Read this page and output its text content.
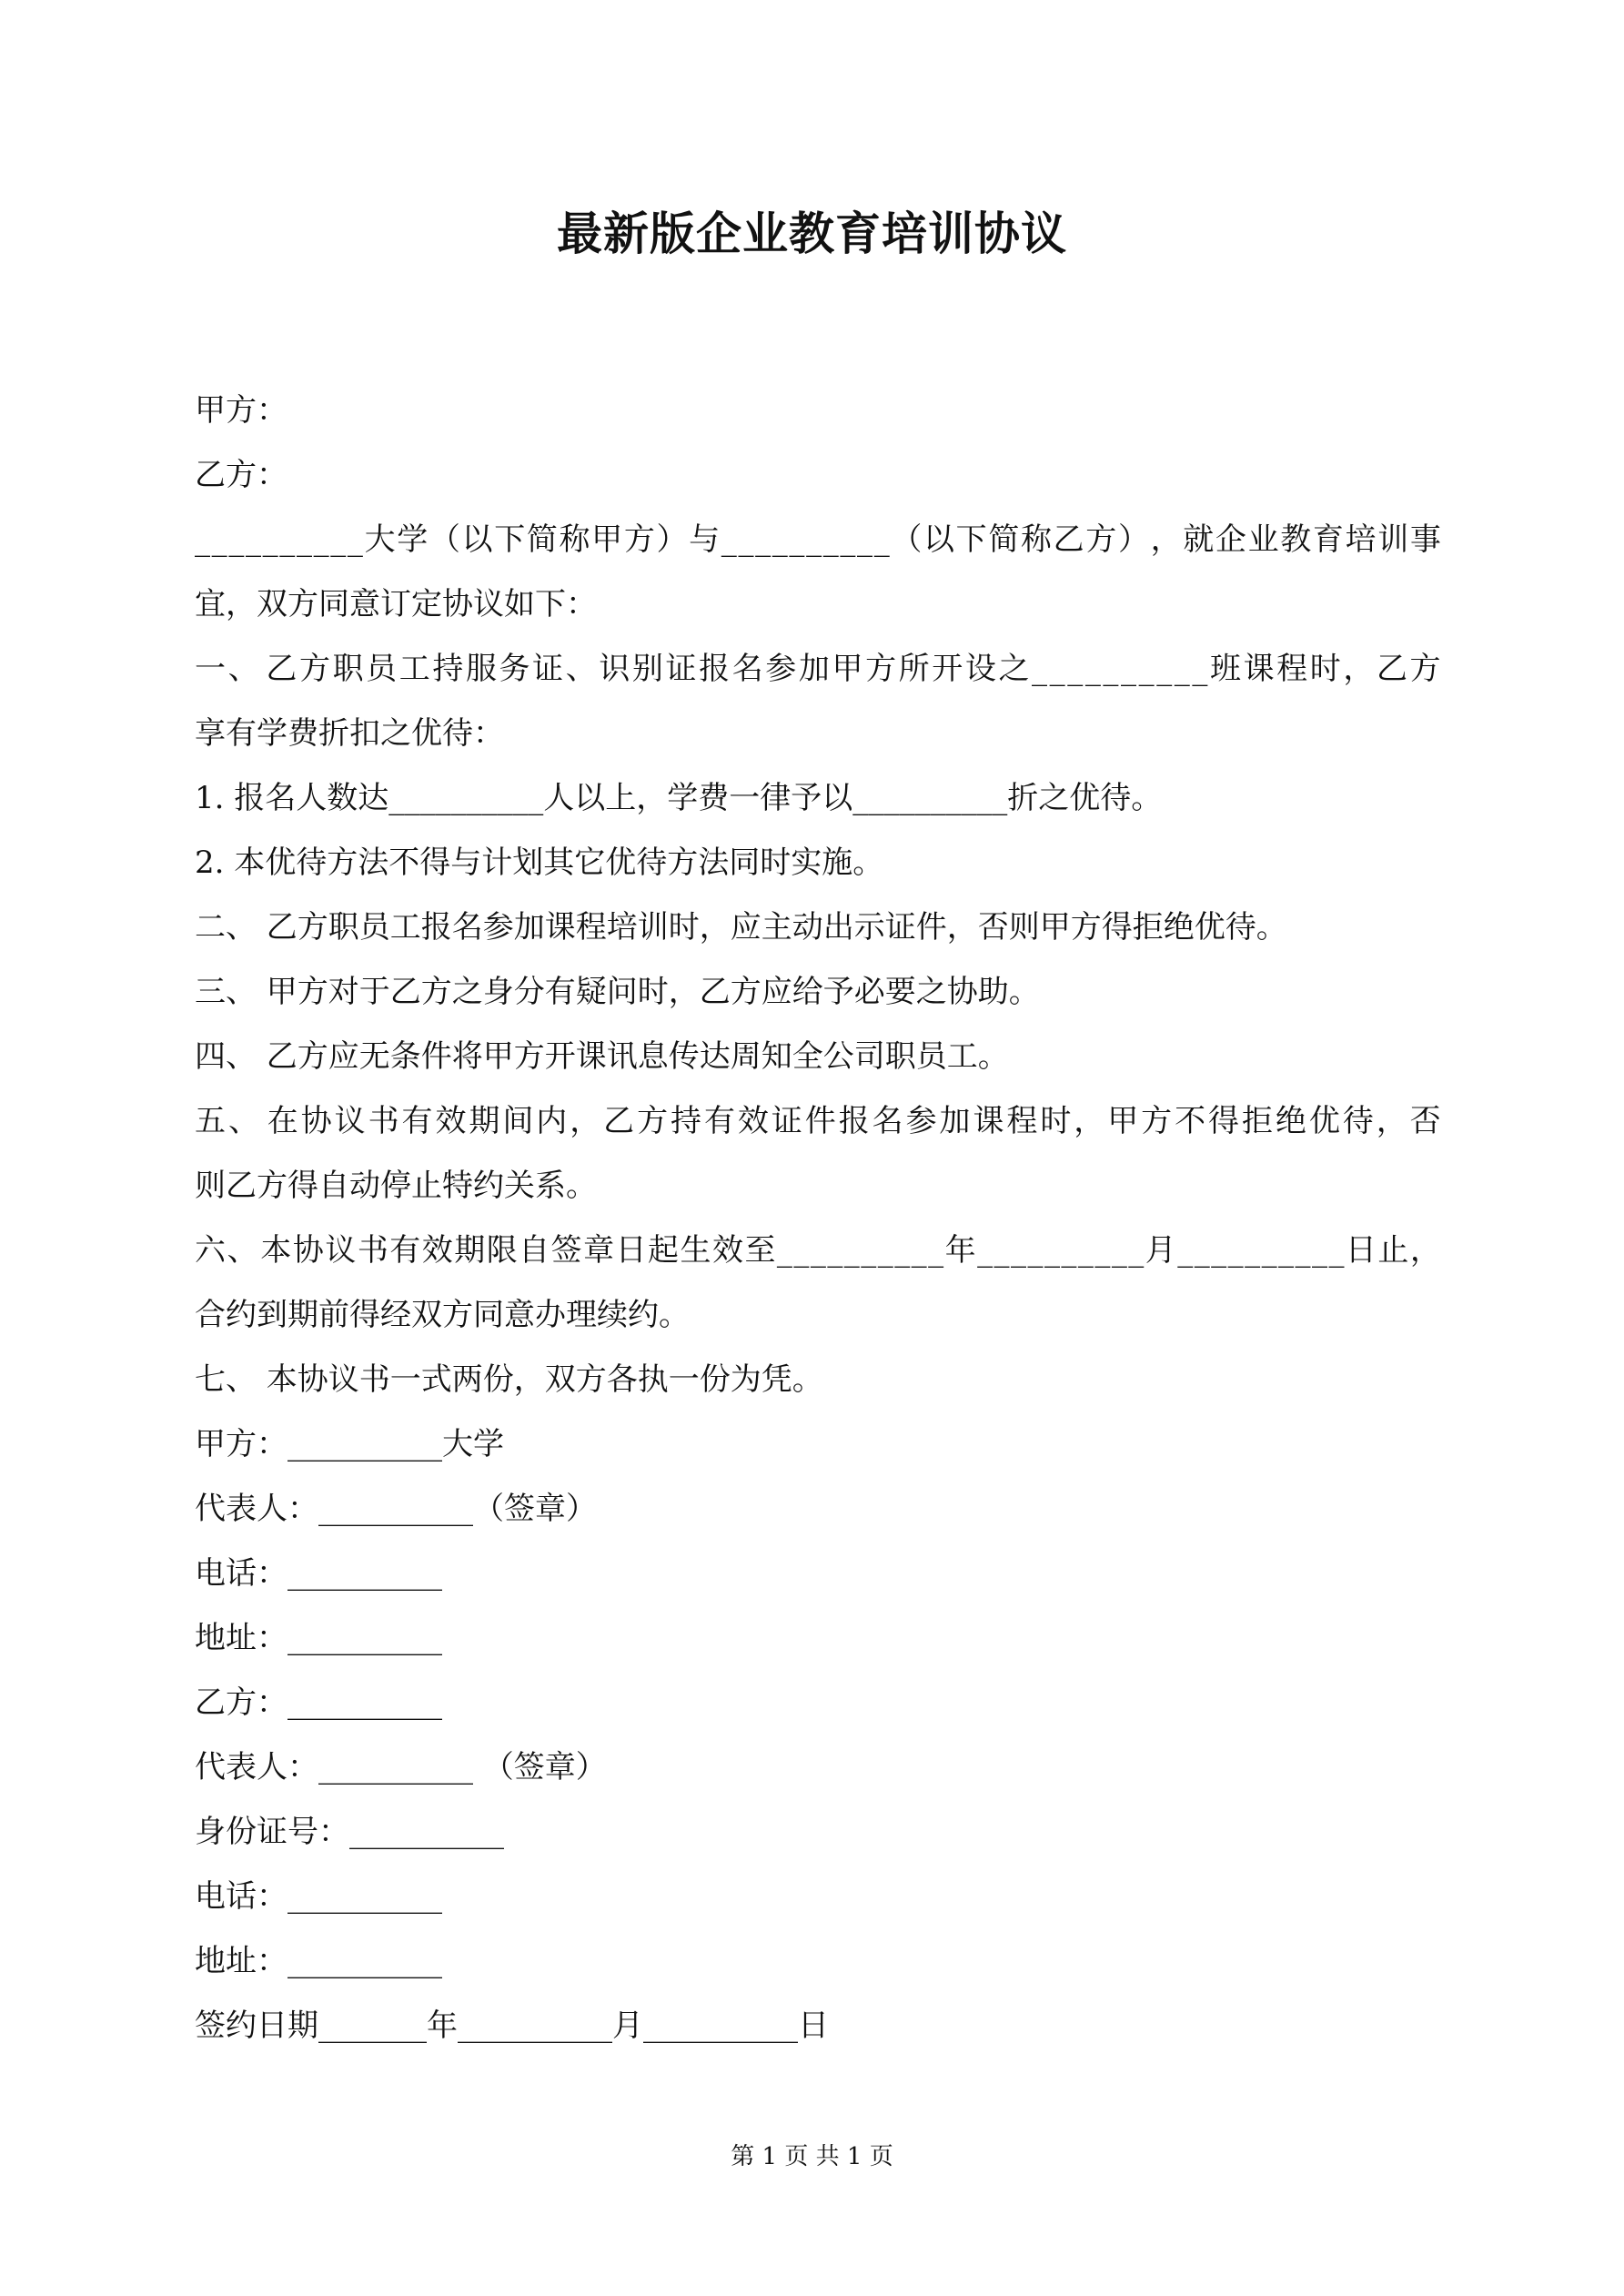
最新版企业教育培训协议
甲方：
乙方：
_ _ _ _ _ _ _ _ _ _ 大 学 （ 以 下 简 称 甲 方 ） 与 _ _ _ _ _ _ _ _ _ _ （ 以 下 简 称 乙 方 ） ， 就 企 业 教 育 培 训 事
宜，双方同意订定协议如下：
一 、 乙 方 职 员 工 持 服 务 证 、 识 别 证 报 名 参 加 甲 方 所 开 设 之 _ _ _ _ _ _ _ _ _ _ 班 课 程 时 ， 乙 方
享有学费折扣之优待：
1. 报名人数达__________人以上，学费一律予以__________折之优待。
2. 本优待方法不得与计划其它优待方法同时实施。
二、 乙方职员工报名参加课程培训时，应主动出示证件，否则甲方得拒绝优待。
三、 甲方对于乙方之身分有疑问时，乙方应给予必要之协助。
四、 乙方应无条件将甲方开课讯息传达周知全公司职员工。
五 、 在 协 议 书 有 效 期 间 内 ， 乙 方 持 有 效 证 件 报 名 参 加 课 程 时 ， 甲 方 不 得 拒 绝 优 待 ， 否
则乙方得自动停止特约关系。
六 、 本 协 议 书 有 效 期 限 自 签 章 日 起 生 效 至 _ _ _ _ _ _ _ _ _ _ 年 _ _ _ _ _ _ _ _ _ _ 月 _ _ _ _ _ _ _ _ _ _ 日 止 ，
合约到期前得经双方同意办理续约。
七、 本协议书一式两份，双方各执一份为凭。
甲方：__________大学
代表人：__________（签章）
电话：__________
地址：__________
乙方：__________
代表人：__________ （签章）
身份证号：__________
电话：__________
地址：__________
签约日期_______年__________月__________日
第 1 页 共 1 页
